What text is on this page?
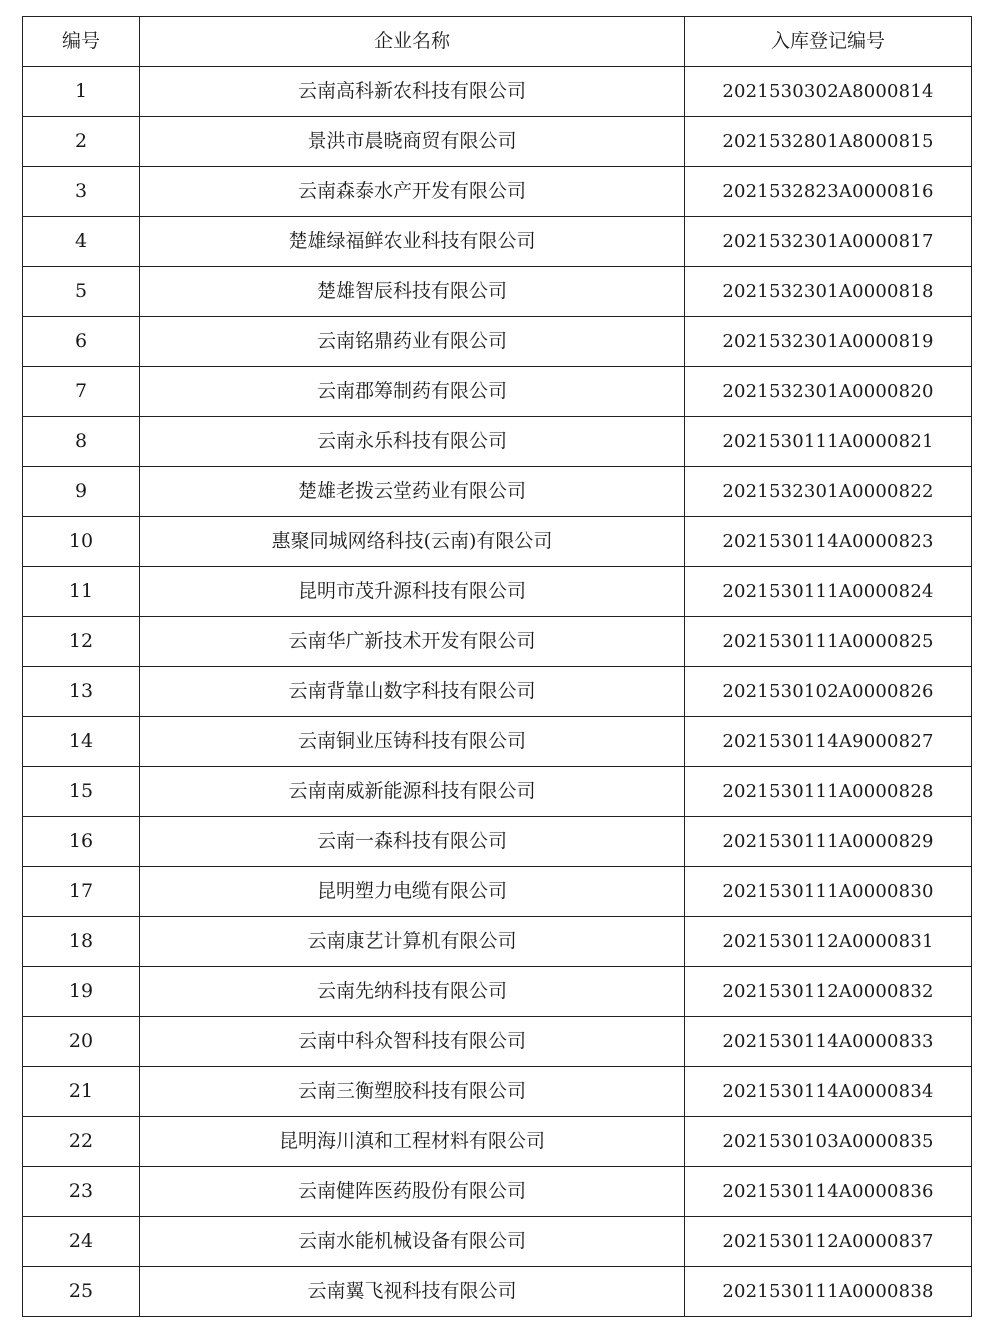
编号	企业名称	入库登记编号
1	云南高科新农科技有限公司	2021530302A8000814
2	景洪市晨晓商贸有限公司	2021532801A8000815
3	云南森泰水产开发有限公司	2021532823A0000816
4	楚雄绿福鲜农业科技有限公司	2021532301A0000817
5	楚雄智辰科技有限公司	2021532301A0000818
6	云南铭鼎药业有限公司	2021532301A0000819
7	云南郡筹制药有限公司	2021532301A0000820
8	云南永乐科技有限公司	2021530111A0000821
9	楚雄老拨云堂药业有限公司	2021532301A0000822
10	惠聚同城网络科技(云南)有限公司	2021530114A0000823
11	昆明市茂升源科技有限公司	2021530111A0000824
12	云南华广新技术开发有限公司	2021530111A0000825
13	云南背靠山数字科技有限公司	2021530102A0000826
14	云南铜业压铸科技有限公司	2021530114A9000827
15	云南南威新能源科技有限公司	2021530111A0000828
16	云南一森科技有限公司	2021530111A0000829
17	昆明塑力电缆有限公司	2021530111A0000830
18	云南康艺计算机有限公司	2021530112A0000831
19	云南先纳科技有限公司	2021530112A0000832
20	云南中科众智科技有限公司	2021530114A0000833
21	云南三衡塑胶科技有限公司	2021530114A0000834
22	昆明海川滇和工程材料有限公司	2021530103A0000835
23	云南健阵医药股份有限公司	2021530114A0000836
24	云南水能机械设备有限公司	2021530112A0000837
25	云南翼飞视科技有限公司	2021530111A0000838
